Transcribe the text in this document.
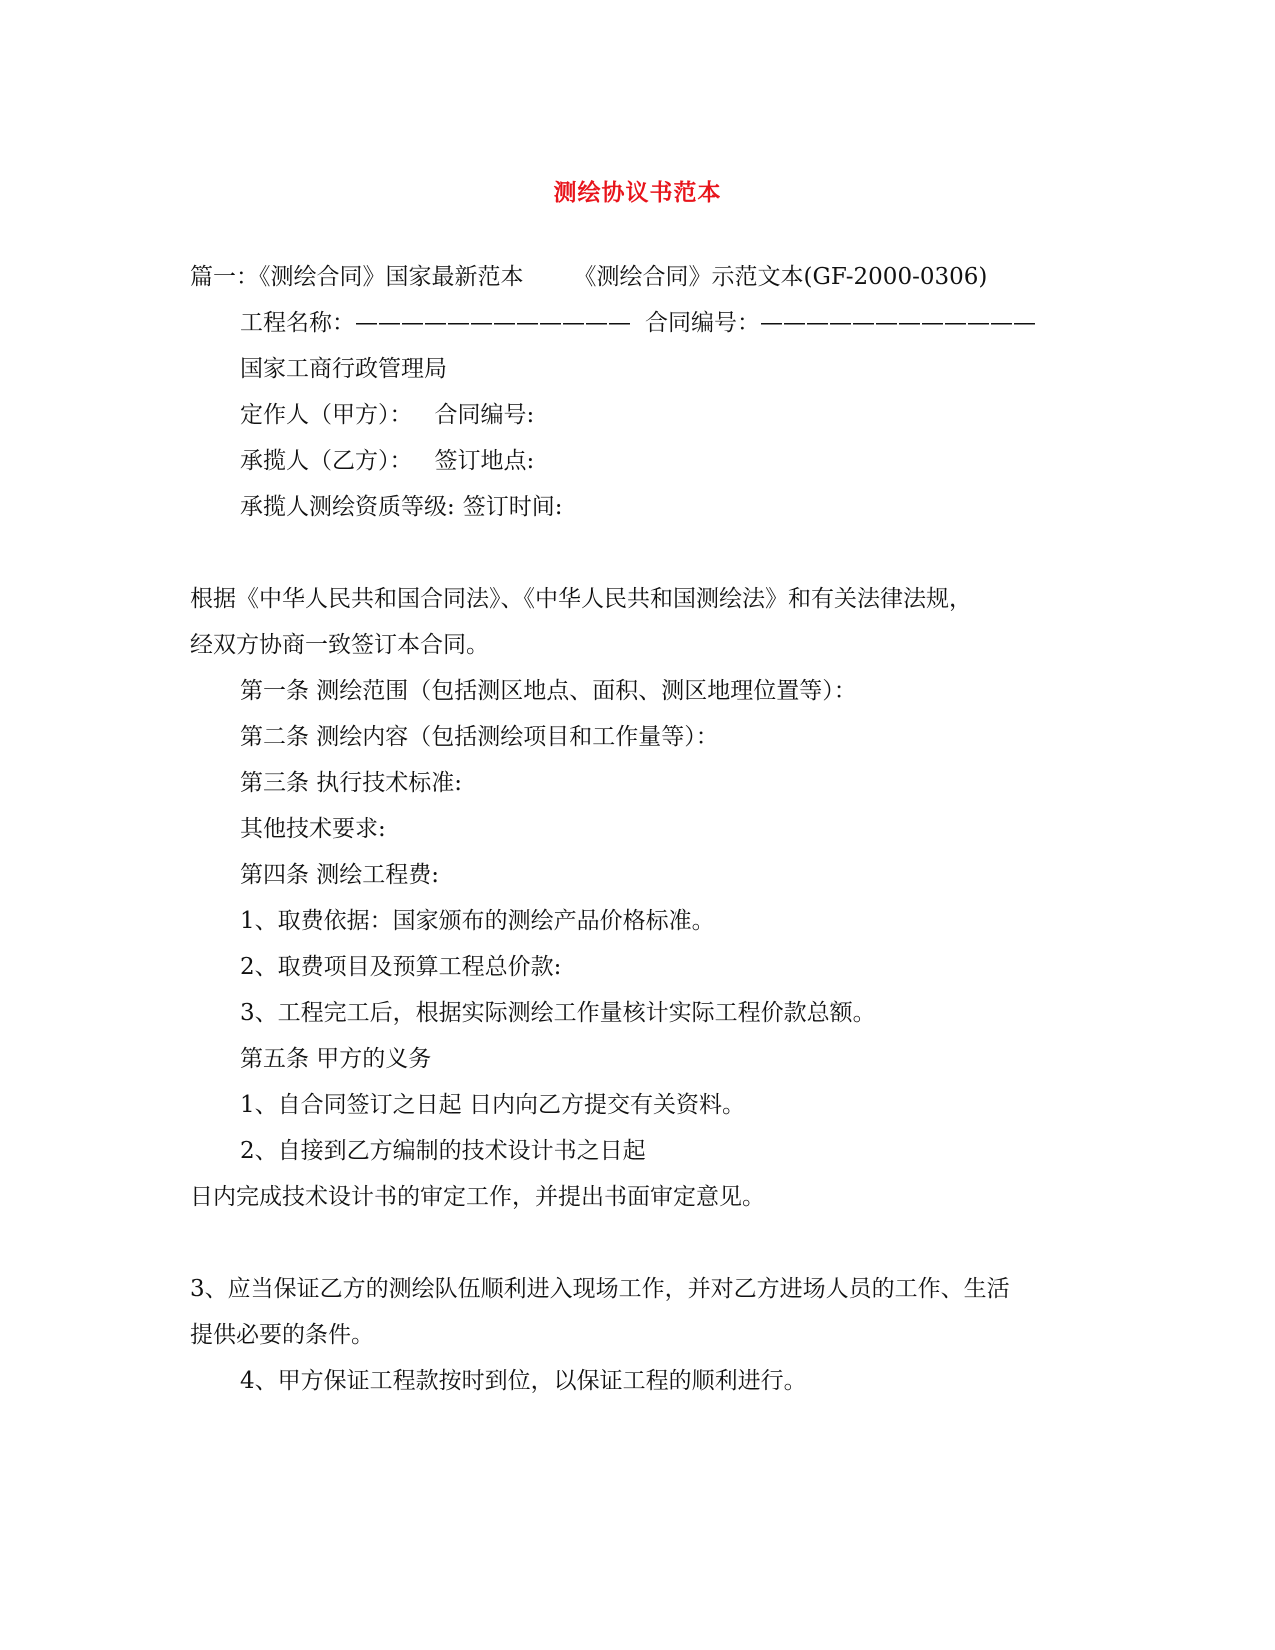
测绘协议书范本
篇一：《测绘合同》国家最新范本 《测绘合同》示范文本(GF-2000-0306)
工程名称：———————————— 合同编号：————————————
国家工商行政管理局
定作人（甲方）： 合同编号:
承揽人（乙方）： 签订地点:
承揽人测绘资质等级: 签订时间:
根据《中华人民共和国合同法》、《中华人民共和国测绘法》和有关法律法规，
经双方协商一致签订本合同。
第一条 测绘范围（包括测区地点、面积、测区地理位置等）：
第二条 测绘内容（包括测绘项目和工作量等）：
第三条 执行技术标准:
其他技术要求:
第四条 测绘工程费:
1、取费依据：国家颁布的测绘产品价格标准。
2、取费项目及预算工程总价款:
3、工程完工后，根据实际测绘工作量核计实际工程价款总额。
第五条 甲方的义务
1、自合同签订之日起 日内向乙方提交有关资料。
2、自接到乙方编制的技术设计书之日起
日内完成技术设计书的审定工作，并提出书面审定意见。
3、应当保证乙方的测绘队伍顺利进入现场工作，并对乙方进场人员的工作、生活
提供必要的条件。
4、甲方保证工程款按时到位，以保证工程的顺利进行。
